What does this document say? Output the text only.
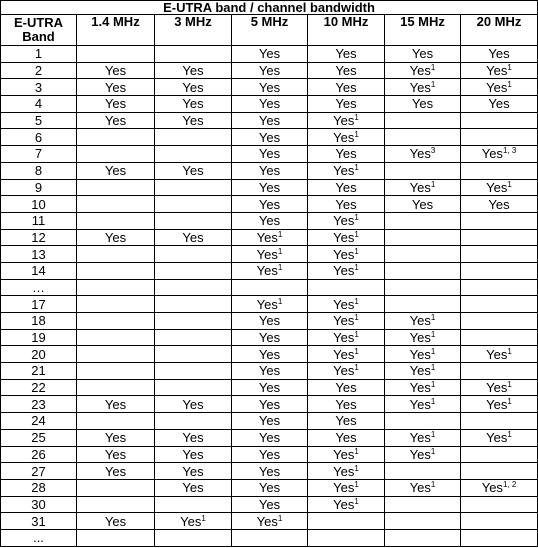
E-UTRA band / channel bandwidth						
E-UTRA
Band	1.4 MHz	3 MHz	5 MHz	10 MHz	15 MHz	20 MHz
1			Yes	Yes	Yes	Yes
2	Yes	Yes	Yes	Yes	Yes$^1$	Yes$^1$
3	Yes	Yes	Yes	Yes	Yes$^1$	Yes$^1$
4	Yes	Yes	Yes	Yes	Yes	Yes
5	Yes	Yes	Yes	Yes$^1$		
6			Yes	Yes$^1$		
7			Yes	Yes	Yes$^3$	Yes$^{1, 3}$
8	Yes	Yes	Yes	Yes$^1$		
9			Yes	Yes	Yes$^1$	Yes$^1$
10			Yes	Yes	Yes	Yes
11			Yes	Yes$^1$		
12	Yes	Yes	Yes$^1$	Yes$^1$		
13			Yes$^1$	Yes$^1$		
14			Yes$^1$	Yes$^1$		
…						
17			Yes$^1$	Yes$^1$		
18			Yes	Yes$^1$	Yes$^1$	
19			Yes	Yes$^1$	Yes$^1$	
20			Yes	Yes$^1$	Yes$^1$	Yes$^1$
21			Yes	Yes$^1$	Yes$^1$	
22			Yes	Yes	Yes$^1$	Yes$^1$
23	Yes	Yes	Yes	Yes	Yes$^1$	Yes$^1$
24			Yes	Yes		
25	Yes	Yes	Yes	Yes	Yes$^1$	Yes$^1$
26	Yes	Yes	Yes	Yes$^1$	Yes$^1$	
27	Yes	Yes	Yes	Yes$^1$		
28		Yes	Yes	Yes$^1$	Yes$^1$	Yes$^{1, 2}$
30			Yes	Yes$^1$		
31	Yes	Yes$^1$	Yes$^1$			
...						
